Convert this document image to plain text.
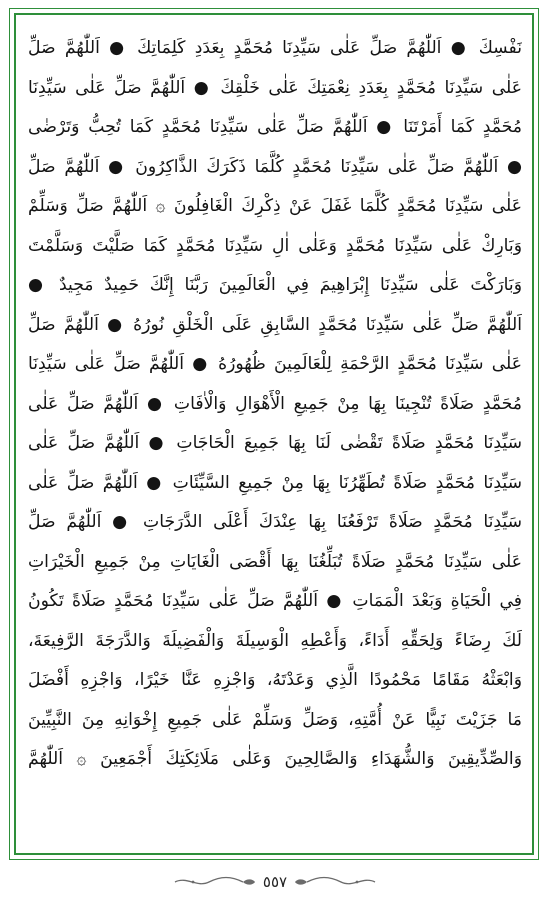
نَفْسِكَ ● اَللّٰهُمَّ صَلِّ عَلٰى سَيِّدِنَا مُحَمَّدٍ بِعَدَدِ كَلِمَاتِكَ ● اَللّٰهُمَّ صَلِّ
عَلٰى سَيِّدِنَا مُحَمَّدٍ بِعَدَدِ نِعْمَتِكَ عَلٰى خَلْقِكَ ● اَللّٰهُمَّ صَلِّ عَلٰى سَيِّدِنَا
مُحَمَّدٍ كَمَا أَمَرْتَنَا ● اَللّٰهُمَّ صَلِّ عَلٰى سَيِّدِنَا مُحَمَّدٍ كَمَا تُحِبُّ وَتَرْضٰى
● اَللّٰهُمَّ صَلِّ عَلٰى سَيِّدِنَا مُحَمَّدٍ كُلَّمَا ذَكَرَكَ الذَّاكِرُونَ ● اَللّٰهُمَّ صَلِّ
عَلٰى سَيِّدِنَا مُحَمَّدٍ كُلَّمَا غَفَلَ عَنْ ذِكْرِكَ الْغَافِلُونَ ۞ اَللّٰهُمَّ صَلِّ وَسَلِّمْ
وَبَارِكْ عَلٰى سَيِّدِنَا مُحَمَّدٍ وَعَلٰى اٰلِ سَيِّدِنَا مُحَمَّدٍ كَمَا صَلَّيْتَ وَسَلَّمْتَ
وَبَارَكْتَ عَلٰى سَيِّدِنَا إِبْرَاهِيمَ فِي الْعَالَمِينَ رَبَّنَا إِنَّكَ حَمِيدٌ مَجِيدٌ ●
اَللّٰهُمَّ صَلِّ عَلٰى سَيِّدِنَا مُحَمَّدٍ السَّابِقِ عَلَى الْخَلْقِ نُورُهُ ● اَللّٰهُمَّ صَلِّ
عَلٰى سَيِّدِنَا مُحَمَّدٍ الرَّحْمَةِ لِلْعَالَمِينَ ظُهُورُهُ ● اَللّٰهُمَّ صَلِّ عَلٰى سَيِّدِنَا
مُحَمَّدٍ صَلَاةً تُنْجِينَا بِهَا مِنْ جَمِيعِ الْأَهْوَالِ وَالْاٰفَاتِ ● اَللّٰهُمَّ صَلِّ عَلٰى
سَيِّدِنَا مُحَمَّدٍ صَلَاةً تَقْضٰى لَنَا بِهَا جَمِيعَ الْحَاجَاتِ ● اَللّٰهُمَّ صَلِّ عَلٰى
سَيِّدِنَا مُحَمَّدٍ صَلَاةً تُطَهِّرُنَا بِهَا مِنْ جَمِيعِ السَّيِّئَاتِ ● اَللّٰهُمَّ صَلِّ عَلٰى
سَيِّدِنَا مُحَمَّدٍ صَلَاةً تَرْفَعُنَا بِهَا عِنْدَكَ أَعْلَى الدَّرَجَاتِ ● اَللّٰهُمَّ صَلِّ
عَلٰى سَيِّدِنَا مُحَمَّدٍ صَلَاةً تُبَلِّغُنَا بِهَا أَقْصَى الْغَايَاتِ مِنْ جَمِيعِ الْخَيْرَاتِ
فِي الْحَيَاةِ وَبَعْدَ الْمَمَاتِ ● اَللّٰهُمَّ صَلِّ عَلٰى سَيِّدِنَا مُحَمَّدٍ صَلَاةً تَكُونُ
لَكَ رِضَاءً وَلِحَقِّهِ أَدَاءً، وَأَعْطِهِ الْوَسِيلَةَ وَالْفَضِيلَةَ وَالدَّرَجَةَ الرَّفِيعَةَ،
وَابْعَثْهُ مَقَامًا مَحْمُودًا الَّذِي وَعَدْتَهُ، وَاجْزِهِ عَنَّا خَيْرًا، وَاجْزِهِ أَفْضَلَ
مَا جَزَيْتَ نَبِيًّا عَنْ أُمَّتِهِ، وَصَلِّ وَسَلِّمْ عَلٰى جَمِيعِ إِخْوَانِهِ مِنَ النَّبِيِّينَ
وَالصِّدِّيقِينَ وَالشُّهَدَاءِ وَالصَّالِحِينَ وَعَلٰى مَلَائِكَتِكَ أَجْمَعِينَ ۞ اَللّٰهُمَّ
٥٥٧
